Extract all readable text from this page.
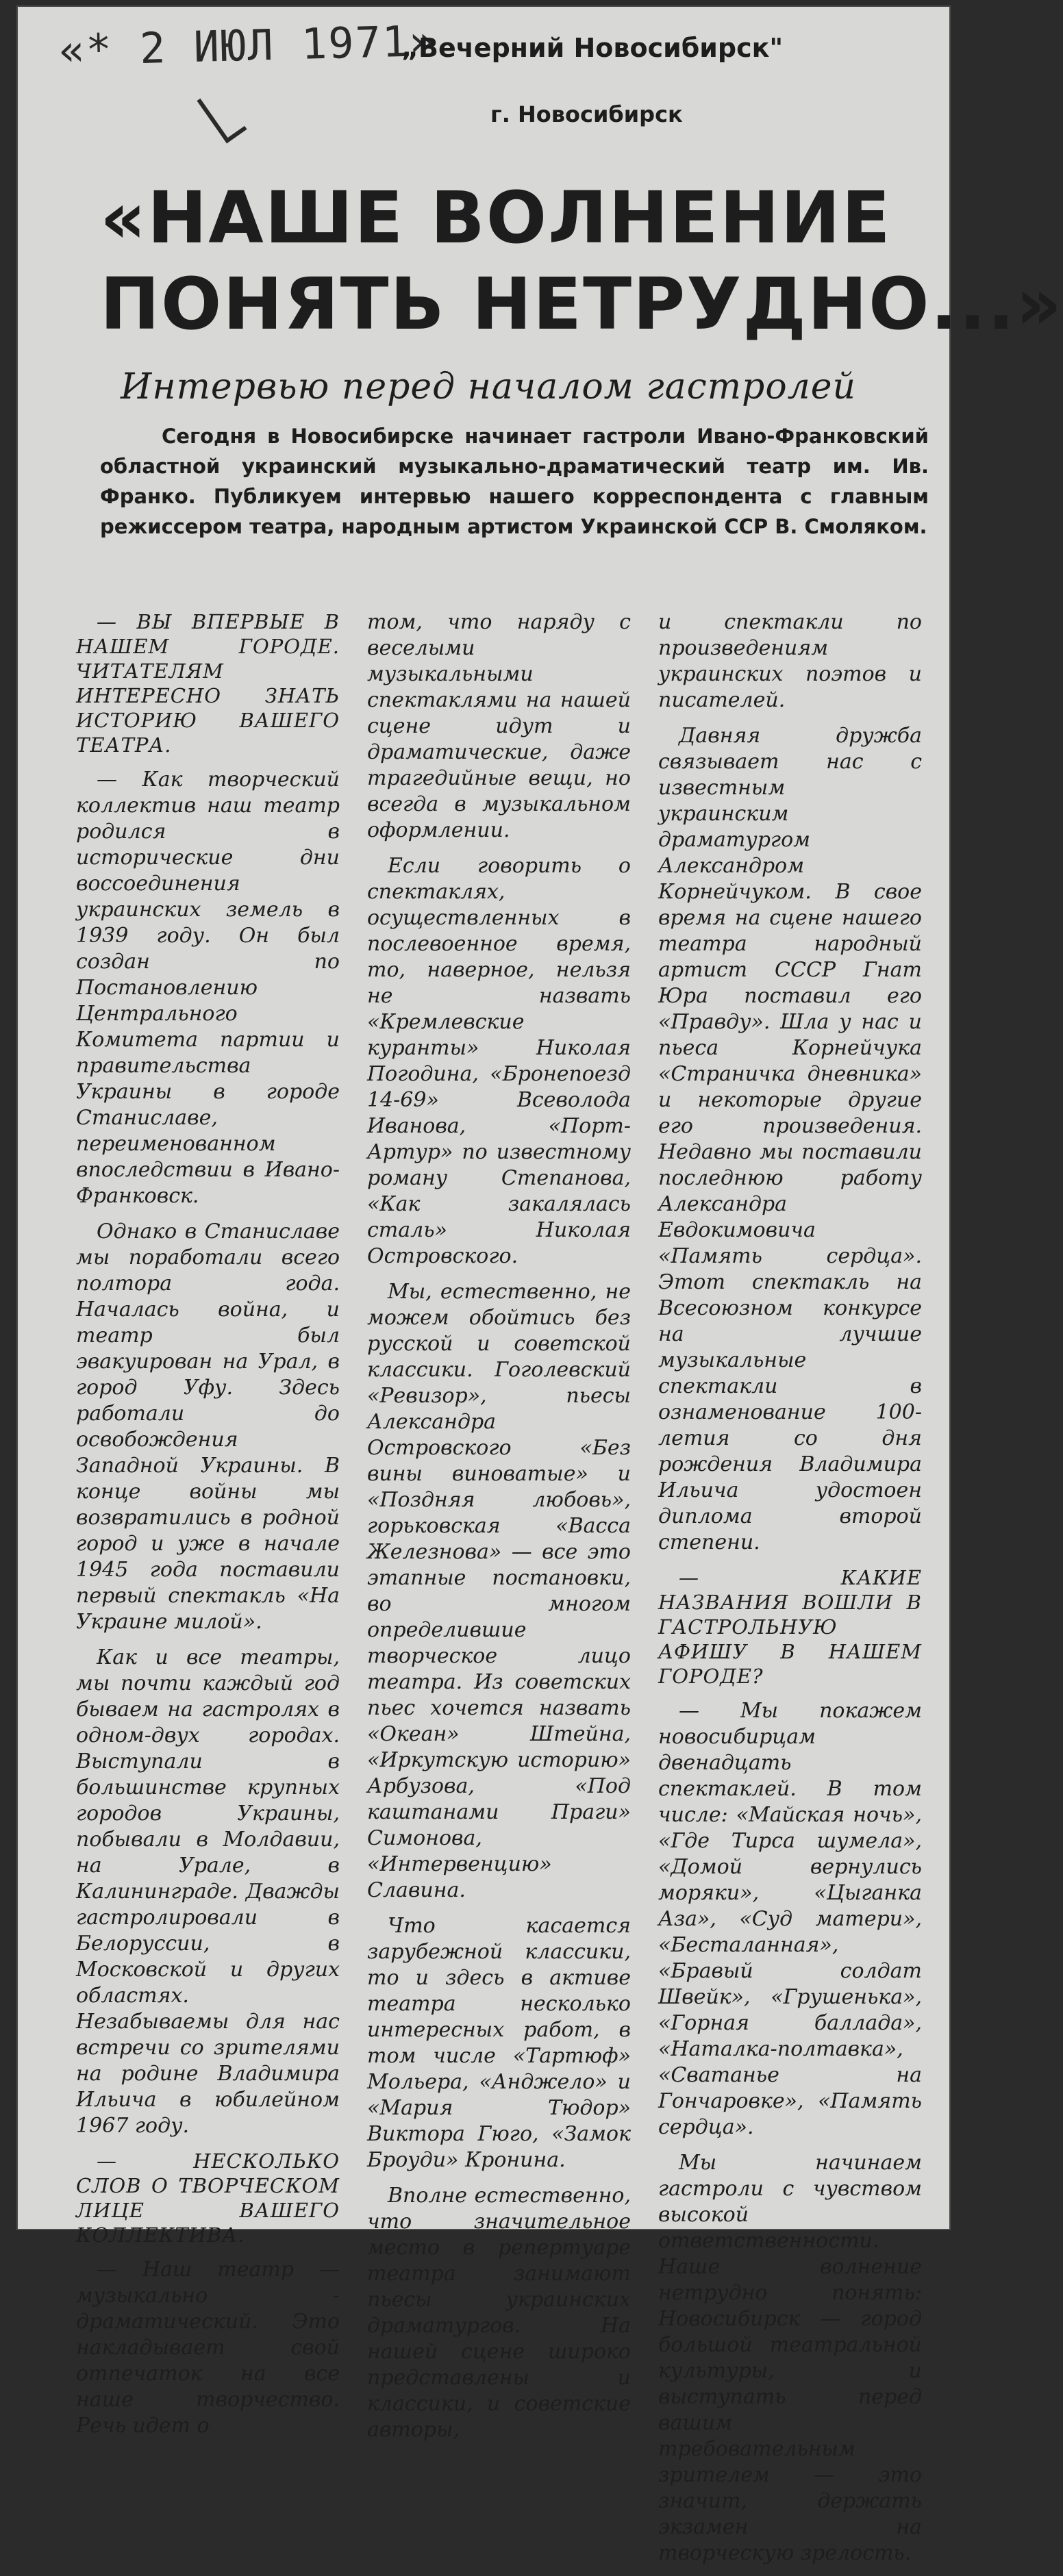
«* 2 ИЮЛ 1971»
„Вечерний Новосибирск"
г. Новосибирск
«НАШЕ ВОЛНЕНИЕ
ПОНЯТЬ НЕТРУДНО...»
Интервью перед началом гастролей
Сегодня в Новосибирске начинает гастроли Ивано-Франковский областной украинский музыкально-драматический театр им. Ив. Франко. Публикуем интервью нашего корреспондента с главным режиссером театра, народным артистом Украинской ССР В. Смоляком.

— ВЫ ВПЕРВЫЕ В НАШЕМ ГОРОДЕ. ЧИТАТЕЛЯМ ИНТЕРЕСНО ЗНАТЬ ИСТОРИЮ ВАШЕГО ТЕАТРА.

— Как творческий коллектив наш театр родился в исторические дни воссоединения украинских земель в 1939 году. Он был создан по Постановлению Центрального Комитета партии и правительства Украины в городе Станиславе, переименованном впоследствии в Ивано-Франковск.

Однако в Станиславе мы поработали всего полтора года. Началась война, и театр был эвакуирован на Урал, в город Уфу. Здесь работали до освобождения Западной Украины. В конце войны мы возвратились в родной город и уже в начале 1945 года поставили первый спектакль «На Украине милой».

Как и все театры, мы почти каждый год бываем на гастролях в одном-двух городах. Выступали в большинстве крупных городов Украины, побывали в Молдавии, на Урале, в Калининграде. Дважды гастролировали в Белоруссии, в Московской и других областях. Незабываемы для нас встречи со зрителями на родине Владимира Ильича в юбилейном 1967 году.

— НЕСКОЛЬКО СЛОВ О ТВОРЧЕСКОМ ЛИЦЕ ВАШЕГО КОЛЛЕКТИВА.

— Наш театр — музыкально - драматический. Это накладывает свой отпечаток на все наше творчество. Речь идет о

том, что наряду с веселыми музыкальными спектаклями на нашей сцене идут и драматические, даже трагедийные вещи, но всегда в музыкальном оформлении.

Если говорить о спектаклях, осуществленных в послевоенное время, то, наверное, нельзя не назвать «Кремлевские куранты» Николая Погодина, «Бронепоезд 14-69» Всеволода Иванова, «Порт-Артур» по известному роману Степанова, «Как закалялась сталь» Николая Островского.

Мы, естественно, не можем обойтись без русской и советской классики. Гоголевский «Ревизор», пьесы Александра Островского «Без вины виноватые» и «Поздняя любовь», горьковская «Васса Железнова» — все это этапные постановки, во многом определившие творческое лицо театра. Из советских пьес хочется назвать «Океан» Штейна, «Иркутскую историю» Арбузова, «Под каштанами Праги» Симонова, «Интервенцию» Славина.

Что касается зарубежной классики, то и здесь в активе театра несколько интересных работ, в том числе «Тартюф» Мольера, «Анджело» и «Мария Тюдор» Виктора Гюго, «Замок Броуди» Кронина.

Вполне естественно, что значительное место в репертуаре театра занимают пьесы украинских драматургов. На нашей сцене широко представлены и классики, и советские авторы,

и спектакли по произведениям украинских поэтов и писателей.

Давняя дружба связывает нас с известным украинским драматургом Александром Корнейчуком. В свое время на сцене нашего театра народный артист СССР Гнат Юра поставил его «Правду». Шла у нас и пьеса Корнейчука «Страничка дневника» и некоторые другие его произведения. Недавно мы поставили последнюю работу Александра Евдокимовича «Память сердца». Этот спектакль на Всесоюзном конкурсе на лучшие музыкальные спектакли в ознаменование 100-летия со дня рождения Владимира Ильича удостоен диплома второй степени.

— КАКИЕ НАЗВАНИЯ ВОШЛИ В ГАСТРОЛЬНУЮ АФИШУ В НАШЕМ ГОРОДЕ?

— Мы покажем новосибирцам двенадцать спектаклей. В том числе: «Майская ночь», «Где Тирса шумела», «Домой вернулись моряки», «Цыганка Аза», «Суд матери», «Бесталанная», «Бравый солдат Швейк», «Грушенька», «Горная баллада», «Наталка-полтавка», «Сватанье на Гончаровке», «Память сердца».

Мы начинаем гастроли с чувством высокой ответственности. Наше волнение нетрудно понять: Новосибирск — город большой театральной культуры, и выступать перед вашим требовательным зрителем — это значит, держать экзамен на творческую зрелость.
